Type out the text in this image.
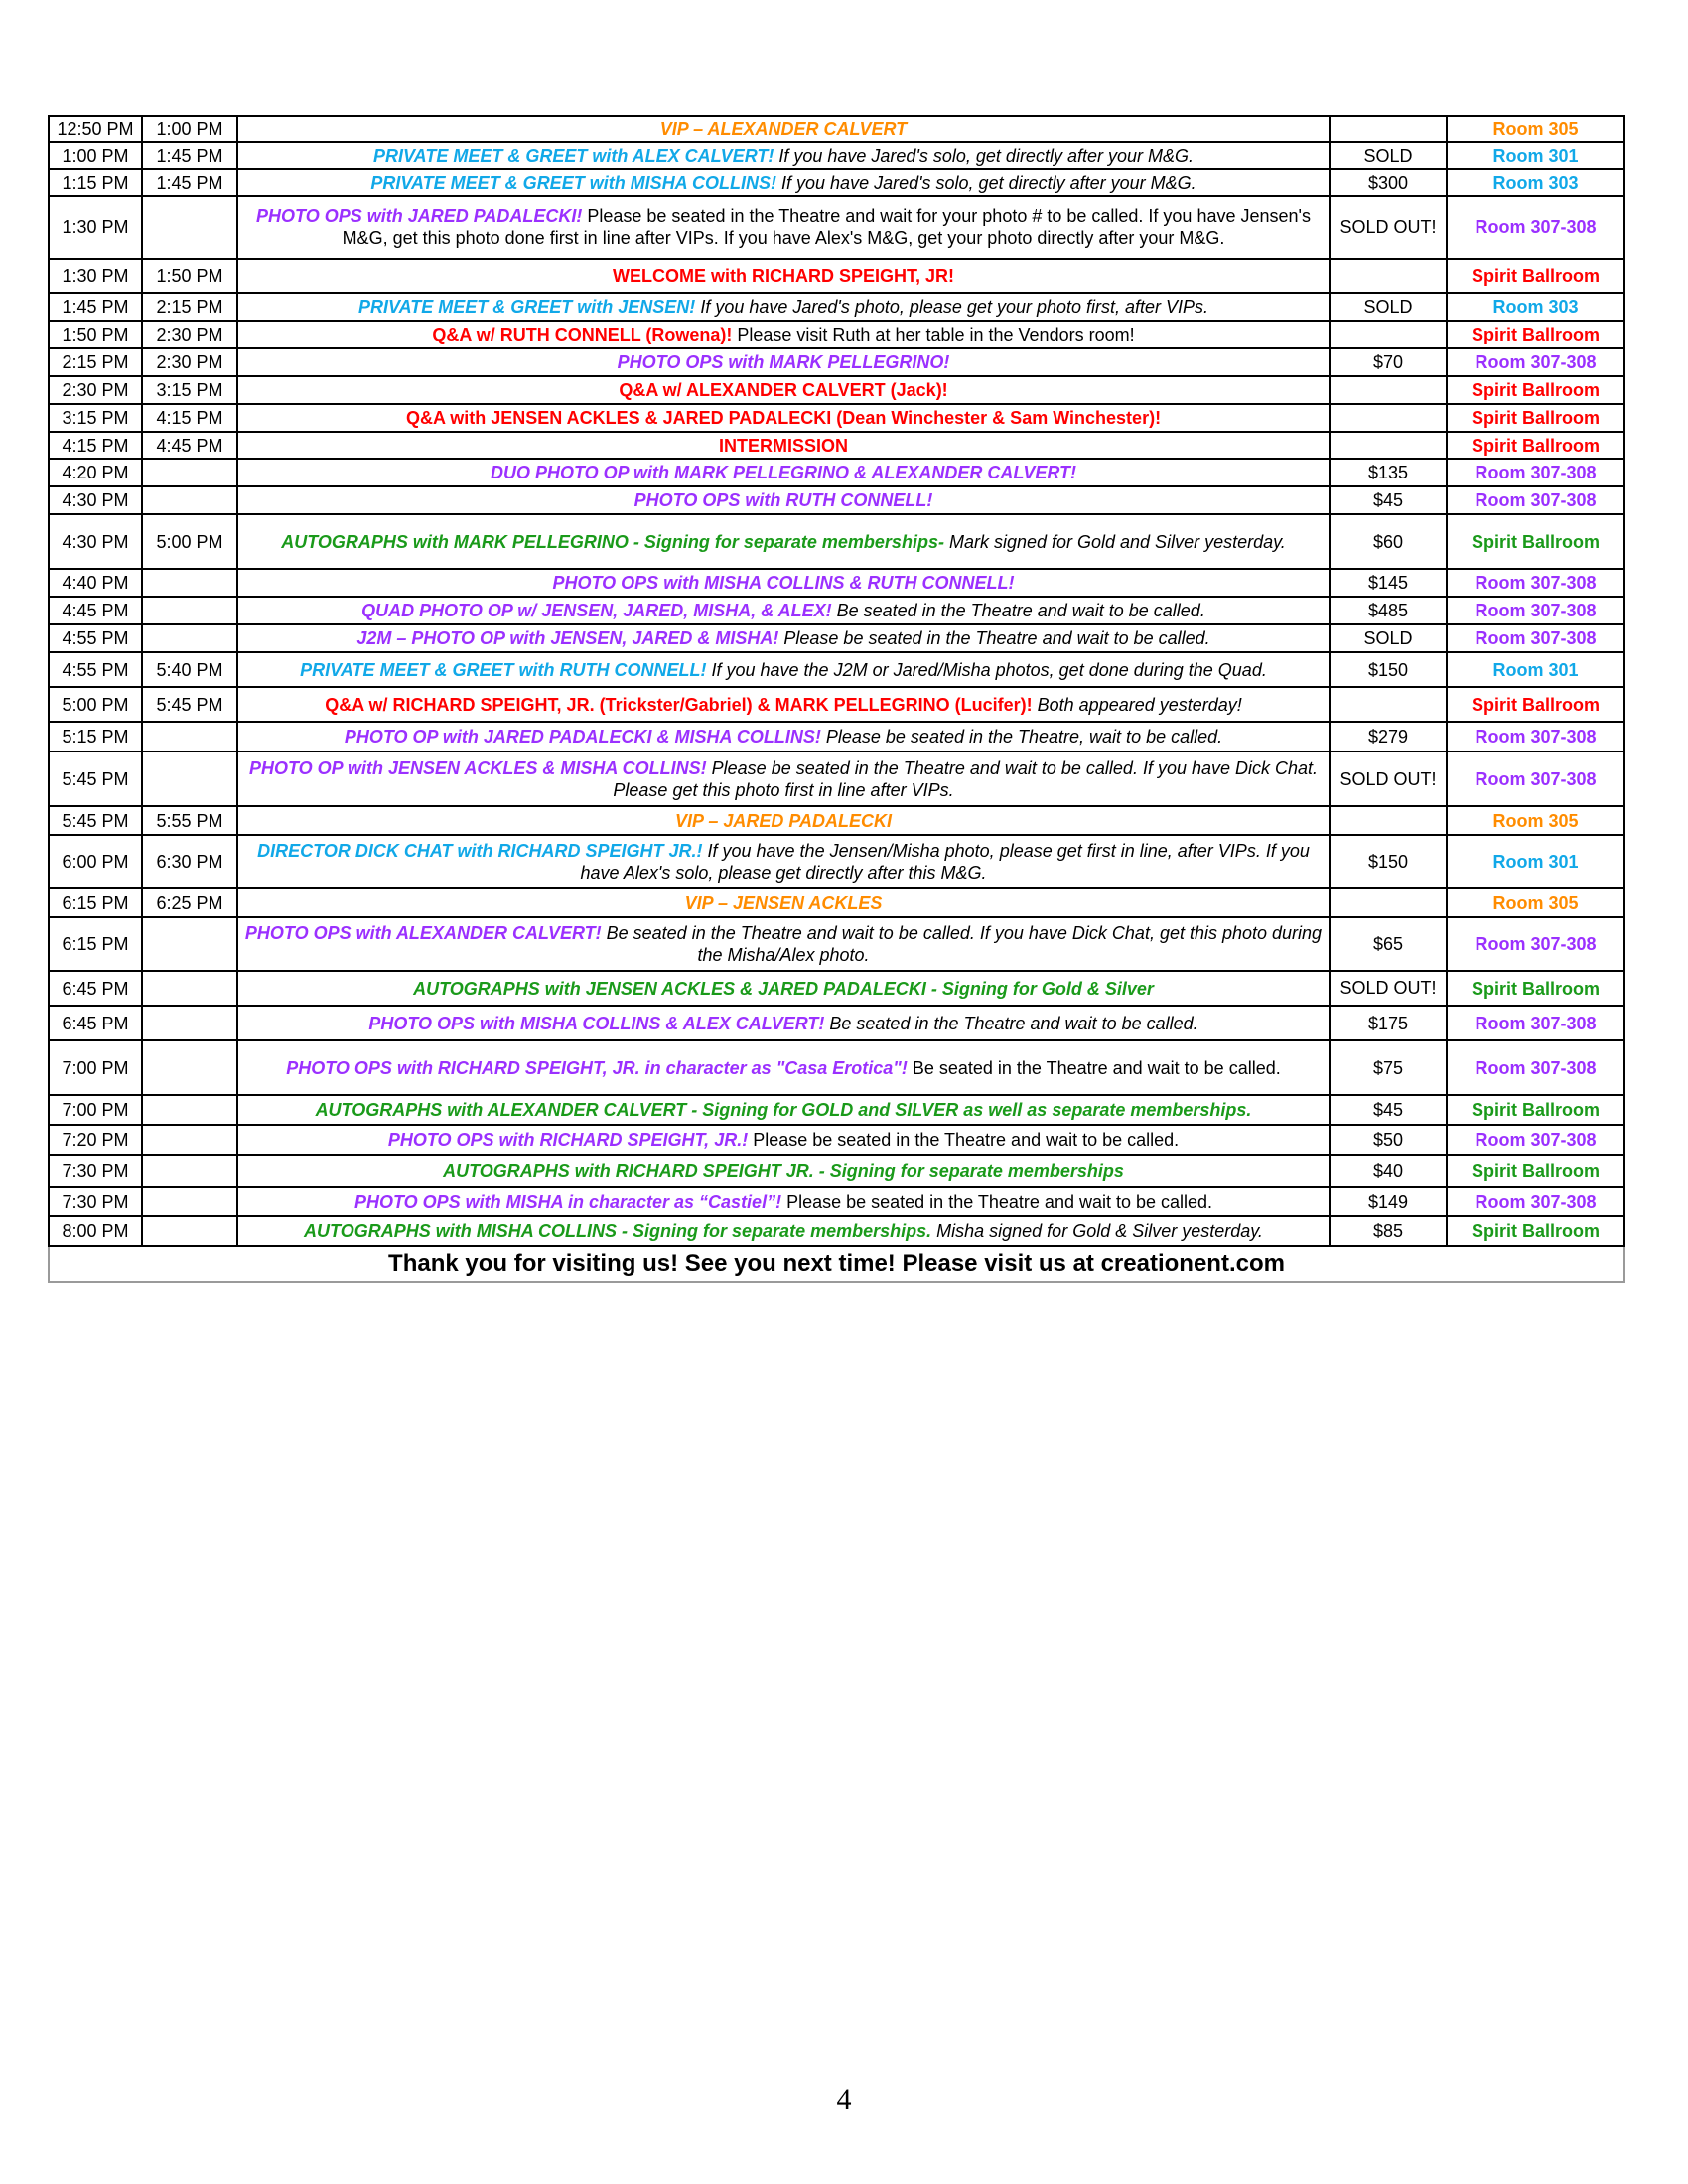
12:50 PM	1:00 PM	VIP – ALEXANDER CALVERT		Room 305
1:00 PM	1:45 PM	PRIVATE MEET & GREET with ALEX CALVERT! If you have Jared's solo, get directly after your M&G.	SOLD	Room 301
1:15 PM	1:45 PM	PRIVATE MEET & GREET with MISHA COLLINS! If you have Jared's solo, get directly after your M&G.	$300	Room 303
1:30 PM		PHOTO OPS with JARED PADALECKI! Please be seated in the Theatre and wait for your photo # to be called. If you have Jensen's M&G, get this photo done first in line after VIPs. If you have Alex's M&G, get your photo directly after your M&G.	SOLD OUT!	Room 307-308
1:30 PM	1:50 PM	WELCOME with RICHARD SPEIGHT, JR!		Spirit Ballroom
1:45 PM	2:15 PM	PRIVATE MEET & GREET with JENSEN! If you have Jared's photo, please get your photo first, after VIPs.	SOLD	Room 303
1:50 PM	2:30 PM	Q&A w/ RUTH CONNELL (Rowena)! Please visit Ruth at her table in the Vendors room!		Spirit Ballroom
2:15 PM	2:30 PM	PHOTO OPS with MARK PELLEGRINO!	$70	Room 307-308
2:30 PM	3:15 PM	Q&A w/ ALEXANDER CALVERT (Jack)!		Spirit Ballroom
3:15 PM	4:15 PM	Q&A with JENSEN ACKLES & JARED PADALECKI (Dean Winchester & Sam Winchester)!		Spirit Ballroom
4:15 PM	4:45 PM	INTERMISSION		Spirit Ballroom
4:20 PM		DUO PHOTO OP with MARK PELLEGRINO & ALEXANDER CALVERT!	$135	Room 307-308
4:30 PM		PHOTO OPS with RUTH CONNELL!	$45	Room 307-308
4:30 PM	5:00 PM	AUTOGRAPHS with MARK PELLEGRINO - Signing for separate memberships- Mark signed for Gold and Silver yesterday.	$60	Spirit Ballroom
4:40 PM		PHOTO OPS with MISHA COLLINS & RUTH CONNELL!	$145	Room 307-308
4:45 PM		QUAD PHOTO OP w/ JENSEN, JARED, MISHA, & ALEX! Be seated in the Theatre and wait to be called.	$485	Room 307-308
4:55 PM		J2M – PHOTO OP with JENSEN, JARED & MISHA! Please be seated in the Theatre and wait to be called.	SOLD	Room 307-308
4:55 PM	5:40 PM	PRIVATE MEET & GREET with RUTH CONNELL! If you have the J2M or Jared/Misha photos, get done during the Quad.	$150	Room 301
5:00 PM	5:45 PM	Q&A w/ RICHARD SPEIGHT, JR. (Trickster/Gabriel) & MARK PELLEGRINO (Lucifer)! Both appeared yesterday!		Spirit Ballroom
5:15 PM		PHOTO OP with JARED PADALECKI & MISHA COLLINS! Please be seated in the Theatre, wait to be called.	$279	Room 307-308
5:45 PM		PHOTO OP with JENSEN ACKLES & MISHA COLLINS! Please be seated in the Theatre and wait to be called. If you have Dick Chat. Please get this photo first in line after VIPs.	SOLD OUT!	Room 307-308
5:45 PM	5:55 PM	VIP – JARED PADALECKI		Room 305
6:00 PM	6:30 PM	DIRECTOR DICK CHAT with RICHARD SPEIGHT JR.! If you have the Jensen/Misha photo, please get first in line, after VIPs. If you have Alex's solo, please get directly after this M&G.	$150	Room 301
6:15 PM	6:25 PM	VIP – JENSEN ACKLES		Room 305
6:15 PM		PHOTO OPS with ALEXANDER CALVERT! Be seated in the Theatre and wait to be called. If you have Dick Chat, get this photo during the Misha/Alex photo.	$65	Room 307-308
6:45 PM		AUTOGRAPHS with JENSEN ACKLES & JARED PADALECKI - Signing for Gold & Silver	SOLD OUT!	Spirit Ballroom
6:45 PM		PHOTO OPS with MISHA COLLINS & ALEX CALVERT! Be seated in the Theatre and wait to be called.	$175	Room 307-308
7:00 PM		PHOTO OPS with RICHARD SPEIGHT, JR. in character as "Casa Erotica"! Be seated in the Theatre and wait to be called.	$75	Room 307-308
7:00 PM		AUTOGRAPHS with ALEXANDER CALVERT - Signing for GOLD and SILVER as well as separate memberships.	$45	Spirit Ballroom
7:20 PM		PHOTO OPS with RICHARD SPEIGHT, JR.! Please be seated in the Theatre and wait to be called.	$50	Room 307-308
7:30 PM		AUTOGRAPHS with RICHARD SPEIGHT JR. - Signing for separate memberships	$40	Spirit Ballroom
7:30 PM		PHOTO OPS with MISHA in character as “Castiel”! Please be seated in the Theatre and wait to be called.	$149	Room 307-308
8:00 PM		AUTOGRAPHS with MISHA COLLINS - Signing for separate memberships. Misha signed for Gold & Silver yesterday.	$85	Spirit Ballroom
Thank you for visiting us! See you next time! Please visit us at creationent.com				
4
